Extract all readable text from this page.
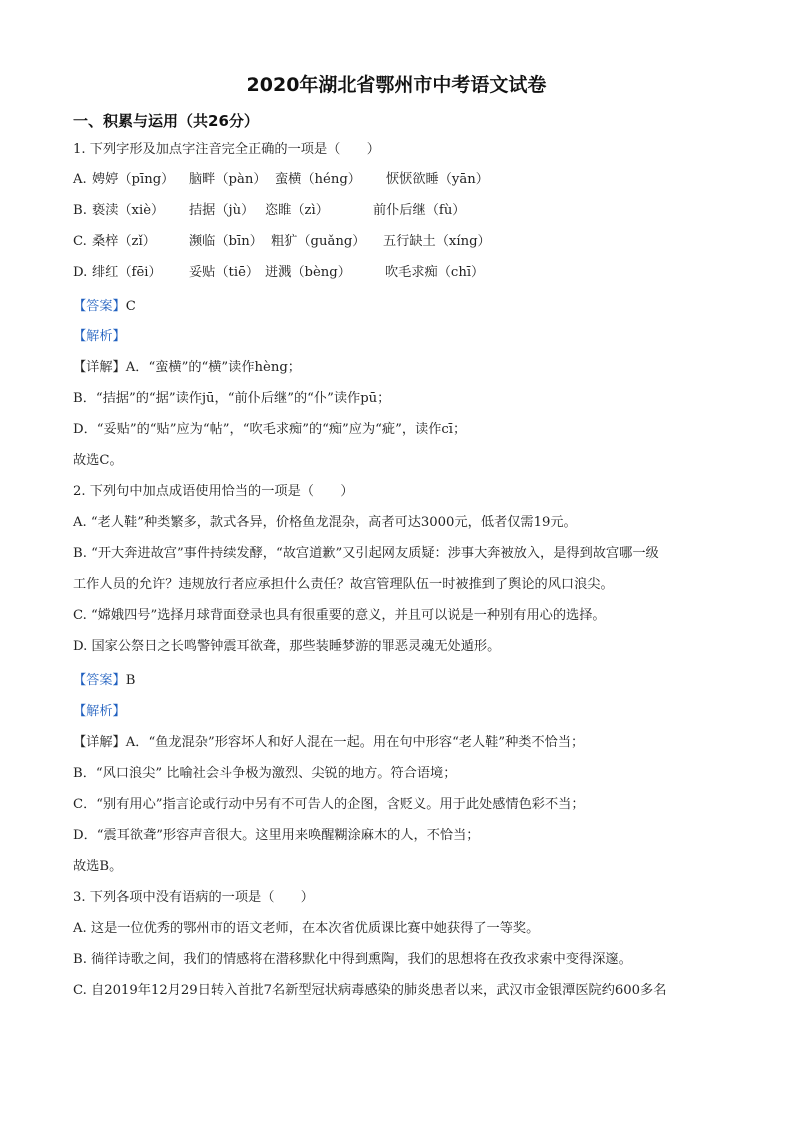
2020年湖北省鄂州市中考语文试卷
一、积累与运用（共26分）
1. 下列字形及加点字注音完全正确的一项是（　　）
A. 娉婷（pīng） 脑畔（pàn） 蛮横（héng） 恹恹欲睡（yān）
B. 亵渎（xiè） 拮据（jù） 恣睢（zì）	前仆后继（fù）
C. 桑梓（zǐ）	濒临（bīn） 粗犷（guǎng） 五行缺土（xíng）
D. 绯红（fēi） 妥贴（tiē） 迸溅（bèng）	吹毛求痴（chī）
【答案】C
【解析】
【详解】A．“蛮横”的“横”读作hèng；
B．“拮据”的“据”读作jū，“前仆后继”的“仆”读作pū；
D．“妥贴”的“贴”应为“帖”，“吹毛求痴”的“痴”应为“疵”，读作cī；
故选C。
2. 下列句中加点成语使用恰当的一项是（　　）
A. “老人鞋”种类繁多，款式各异，价格鱼龙混杂，高者可达3000元，低者仅需19元。
B. “开大奔进故宫”事件持续发酵，“故宫道歉”又引起网友质疑：涉事大奔被放入，是得到故宫哪一级
工作人员的允许？违规放行者应承担什么责任？故宫管理队伍一时被推到了舆论的风口浪尖。
C. “嫦娥四号”选择月球背面登录也具有很重要的意义，并且可以说是一种别有用心的选择。
D. 国家公祭日之长鸣警钟震耳欲聋，那些装睡梦游的罪恶灵魂无处遁形。
【答案】B
【解析】
【详解】A．“鱼龙混杂”形容坏人和好人混在一起。用在句中形容“老人鞋”种类不恰当；
B．“风口浪尖” 比喻社会斗争极为激烈、尖锐的地方。符合语境；
C．“别有用心”指言论或行动中另有不可告人的企图，含贬义。用于此处感情色彩不当；
D．“震耳欲聋”形容声音很大。这里用来唤醒糊涂麻木的人，不恰当；
故选B。
3. 下列各项中没有语病的一项是（　　）
A. 这是一位优秀的鄂州市的语文老师，在本次省优质课比赛中她获得了一等奖。
B. 徜徉诗歌之间，我们的情感将在潜移默化中得到熏陶，我们的思想将在孜孜求索中变得深邃。
C. 自2019年12月29日转入首批7名新型冠状病毒感染的肺炎患者以来，武汉市金银潭医院约600多名
